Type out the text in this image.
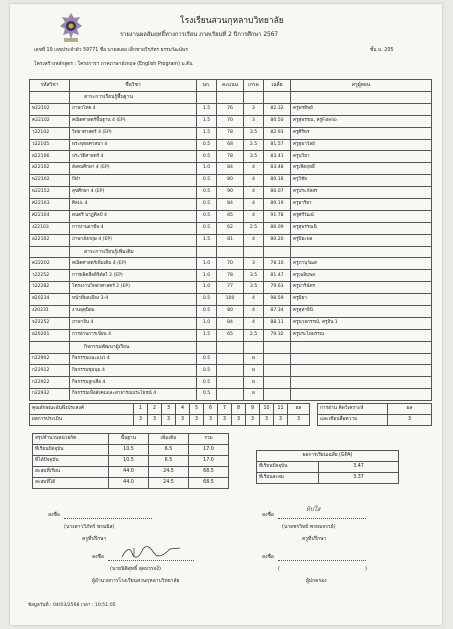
โรงเรียนสวนกุหลาบวิทยาลัย
รายงานผลสัมฤทธิ์ทางการเรียน ภาคเรียนที่ 2 ปีการศึกษา 2567
เลขที่ 19 เลขประจำตัว 59771 ชื่อ นายสเตอ เด็กชายวีรภัทร ธรรมวัฒน์พร	ชั้น ม. 205
โครงสร้างหลักสูตร : โครงการฯ ภาคภาษาอังกฤษ (English Program) ม.ต้น
รหัสวิชา	ชื่อวิชา	นก.	คะแนน	เกรด	เฉลี่ย	ครูผู้สอน
	สาระการเรียนรู้พื้นฐาน					
ท22102	ภาษาไทย 4	1.5	76	3	82.32	ครูพรทิพย์
ค22102	คณิตศาสตร์พื้นฐาน 4 (EP)	1.5	70	3	80.50	ครูสุพรรณ, ครูFidelio
ว22102	วิทยาศาสตร์ 4 (EP)	1.5	78	3.5	82.93	ครูศิริพร
ว22105	พระพุทธศาสนา 4	0.5	68	2.5	81.57	ครูสุธาวัลย์
ส22106	ประวัติศาสตร์ 4	0.5	78	3.5	83.41	ครูนวิยา
ส22102	สังคมศึกษา 4 (EP)	1.0	84	4	83.48	ครูเชิดฤทธิ์
พ22102	กีฬา	0.5	80	4	80.16	ครูวิชัย
พ22152	สุขศึกษา 4 (EP)	0.5	90	4	86.07	ครูประภัสสร
ศ22103	ศิลปะ 4	0.5	84	4	89.19	ครูอาริยา
ศ22104	ดนตรี นาฏศิลป์ 4	0.5	85	4	91.78	ครูศรีวัฒน์
ง22103	การงานอาชีพ 4	0.5	62	2.5	86.09	ครูสุพรรณนิ
อ22102	ภาษาอังกฤษ 4 (EP)	1.5	81	4	80.20	ครูปิยะพล
	สาระการเรียนรู้เพิ่มเติม					
ค22202	คณิตศาสตร์เพิ่มเติม 4 (EP)	1.0	70	3	78.10	ครูภานุวัฒส
ว22252	การผลิตสื่อดิจิทัลไ 2 (EP)	1.0	78	3.5	81.47	ครูเฉลิมพล
ว22282	โครงงานวิทยาศาสตร์ 2 (EP)	1.0	77	3.5	79.63	ครูปาริฉัตร
ส20234	หน้าที่พลเมือง 3-4	0.5	100	4	98.59	ครูมิยา
ง20231	งานอุตุนิยม	0.5	80	4	87.34	ครูสุทาธินี
จ22252	ภาษาจีน 4	1.0	84	4	88.11	ครูนวลกรรณ์, ครูจิน 1
อ20201	การอ่านการเขียน 4	1.5	65	2.5	79.32	ครูประไพพรรณ
	กิจกรรมพัฒนาผู้เรียน					
ก22902	กิจกรรมแนะแนว 4	0.5		ผ		
ก22912	กิจกรรมชุมนุม 4	0.5		ผ		
ก22922	กิจกรรมลูกเสือ 4	0.5		ผ		
ก22932	กิจกรรมเพื่อสังคมและสาธารณประโยชน์ 4	0.5		ผ		
คุณลักษณะอันพึงประสงค์	1	2	3	4	5	6	7	8	9	10	11	ผล		การอ่าน คิดวิเคราะห์	ผล
ผลการประเมิน	3	3	3	3	3	3	3	3	3	3	3	3		และเขียนสื่อความ	3
สรุปจำนวนหน่วยกิต	พื้นฐาน	เพิ่มเติม	รวม
ที่เรียนปัจจุบัน	10.5	6.5	17.0
ที่ได้ปัจจุบัน	10.5	6.5	17.0
สะสมที่เรียน	44.0	24.5	68.5
สะสมที่ได้	44.0	24.5	68.5
ผลการเรียนเฉลี่ย (GPA)	
ที่เรียนปัจจุบัน	3.47
ที่เรียนสะสม	3.37
ลงชื่อ
(นางสาววิภัทร์ พรมมิส)
ครูที่ปรึกษา
ลงชื่อ
ทิปใส
(นายชรวิทย์ พรหมจรรย์)
ครูที่ปรึกษา
ลงชื่อ
(นายนิติสุทธิ์ สุดบรรจง์)
ผู้อำนวยการโรงเรียนสวนกุหลาบวิทยาลัย
ลงชื่อ
(	)
ผู้ปกครอง
ข้อมูลวันที่ : 04/03/2568 เวลา : 10:51:05
